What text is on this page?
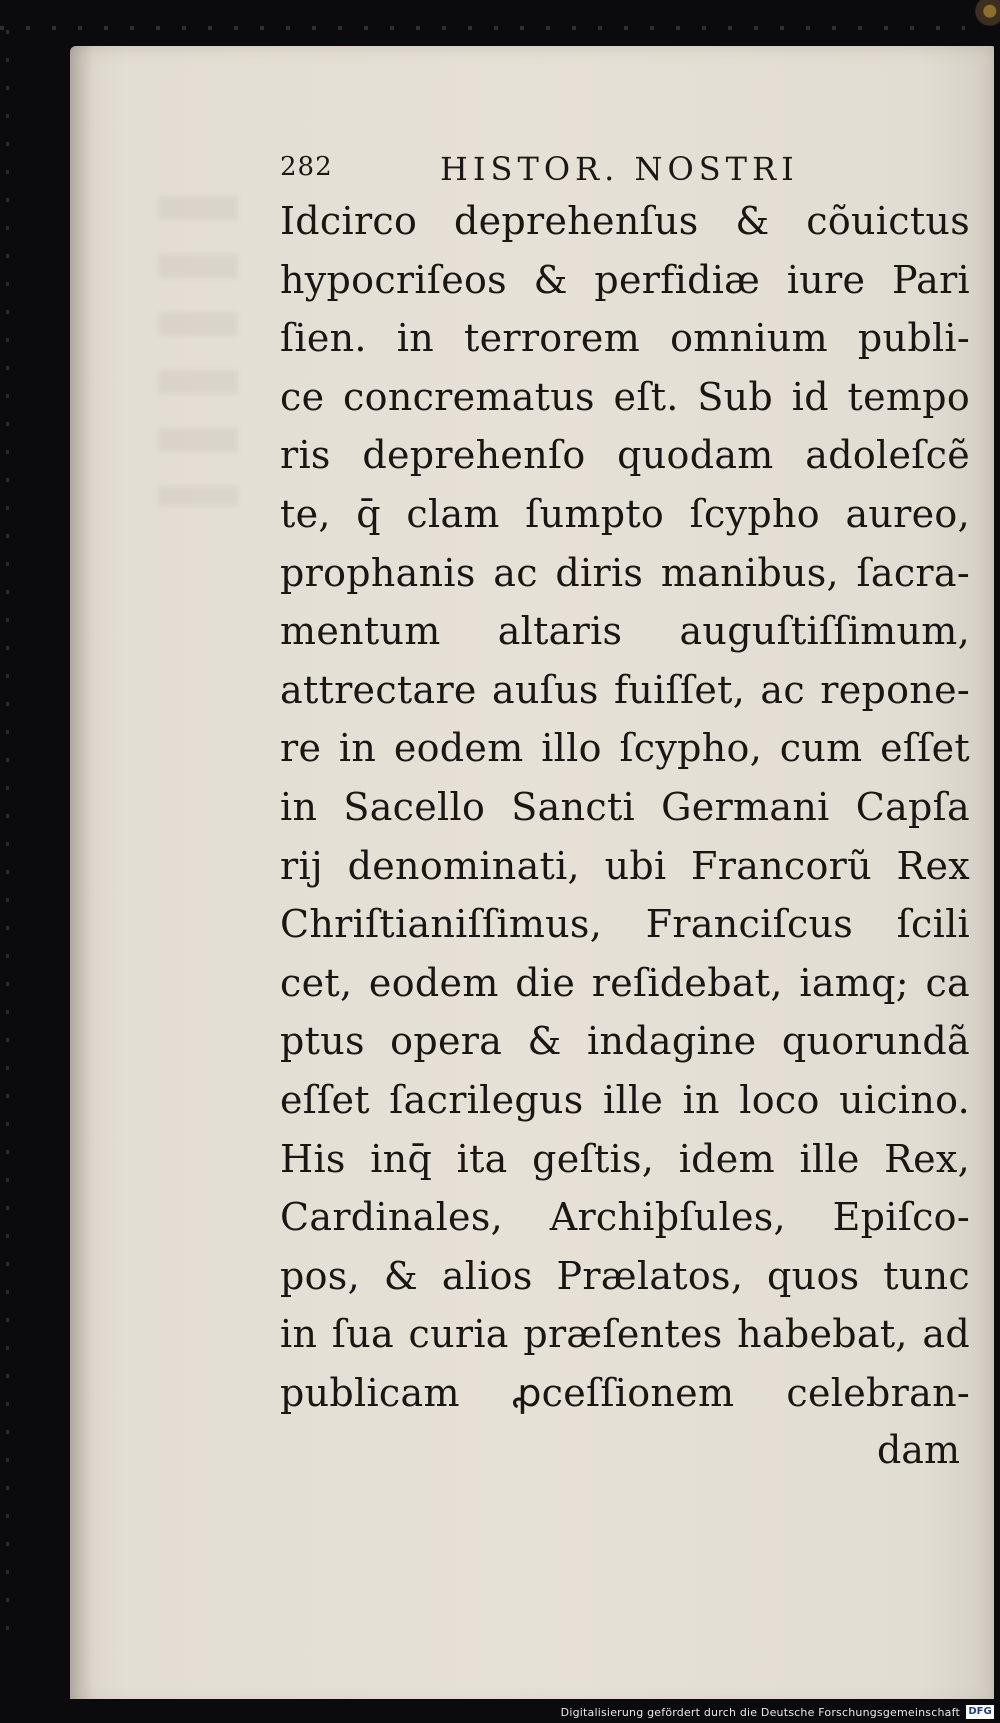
282	HISTOR. NOSTRI
Idcirco deprehenſus & cõuictus
hypocriſeos & perfidiæ iure Pari
ſien. in terrorem omnium publi-
ce concrematus eſt. Sub id tempo
ris deprehenſo quodam adoleſcẽ
te, q̄ clam ſumpto ſcypho aureo,
prophanis ac diris manibus, ſacra-
mentum altaris auguſtiſſimum,
attrectare auſus fuiſſet, ac repone-
re in eodem illo ſcypho, cum eſſet
in Sacello Sancti Germani Capſa
rij denominati, ubi Francorũ Rex
Chriſtianiſſimus, Franciſcus ſcili
cet, eodem die reſidebat, iamq; ca
ptus opera & indagine quorundã
eſſet ſacrilegus ille in loco uicino.
His inq̄ ita geſtis, idem ille Rex,
Cardinales, Archiþſules, Epiſco-
pos, & alios Prælatos, quos tunc
in ſua curia præſentes habebat, ad
publicam ꝓceſſionem celebran-
dam
Digitalisierung gefördert durch die Deutsche Forschungsgemeinschaft DFG
